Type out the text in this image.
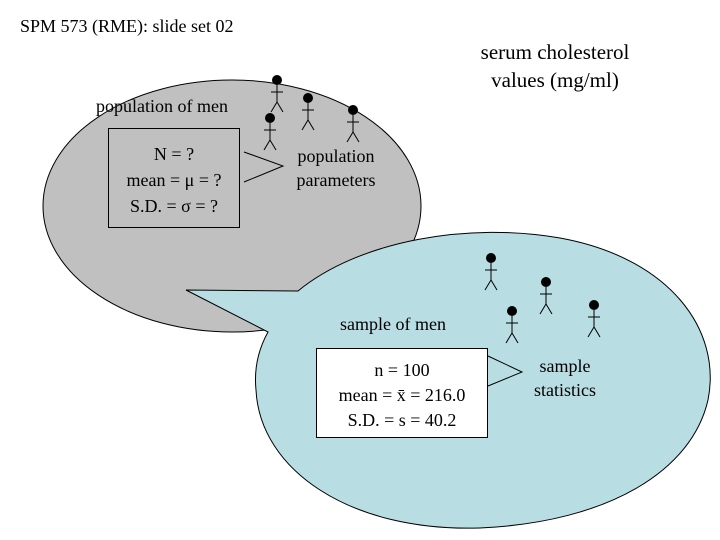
SPM 573 (RME): slide set 02
serum cholesterol
values (mg/ml)
population of men
N = ?
mean = μ = ?
S.D. = σ = ?
population
parameters
sample of men
n = 100
mean = x̄ = 216.0
S.D. = s = 40.2
sample
statistics
